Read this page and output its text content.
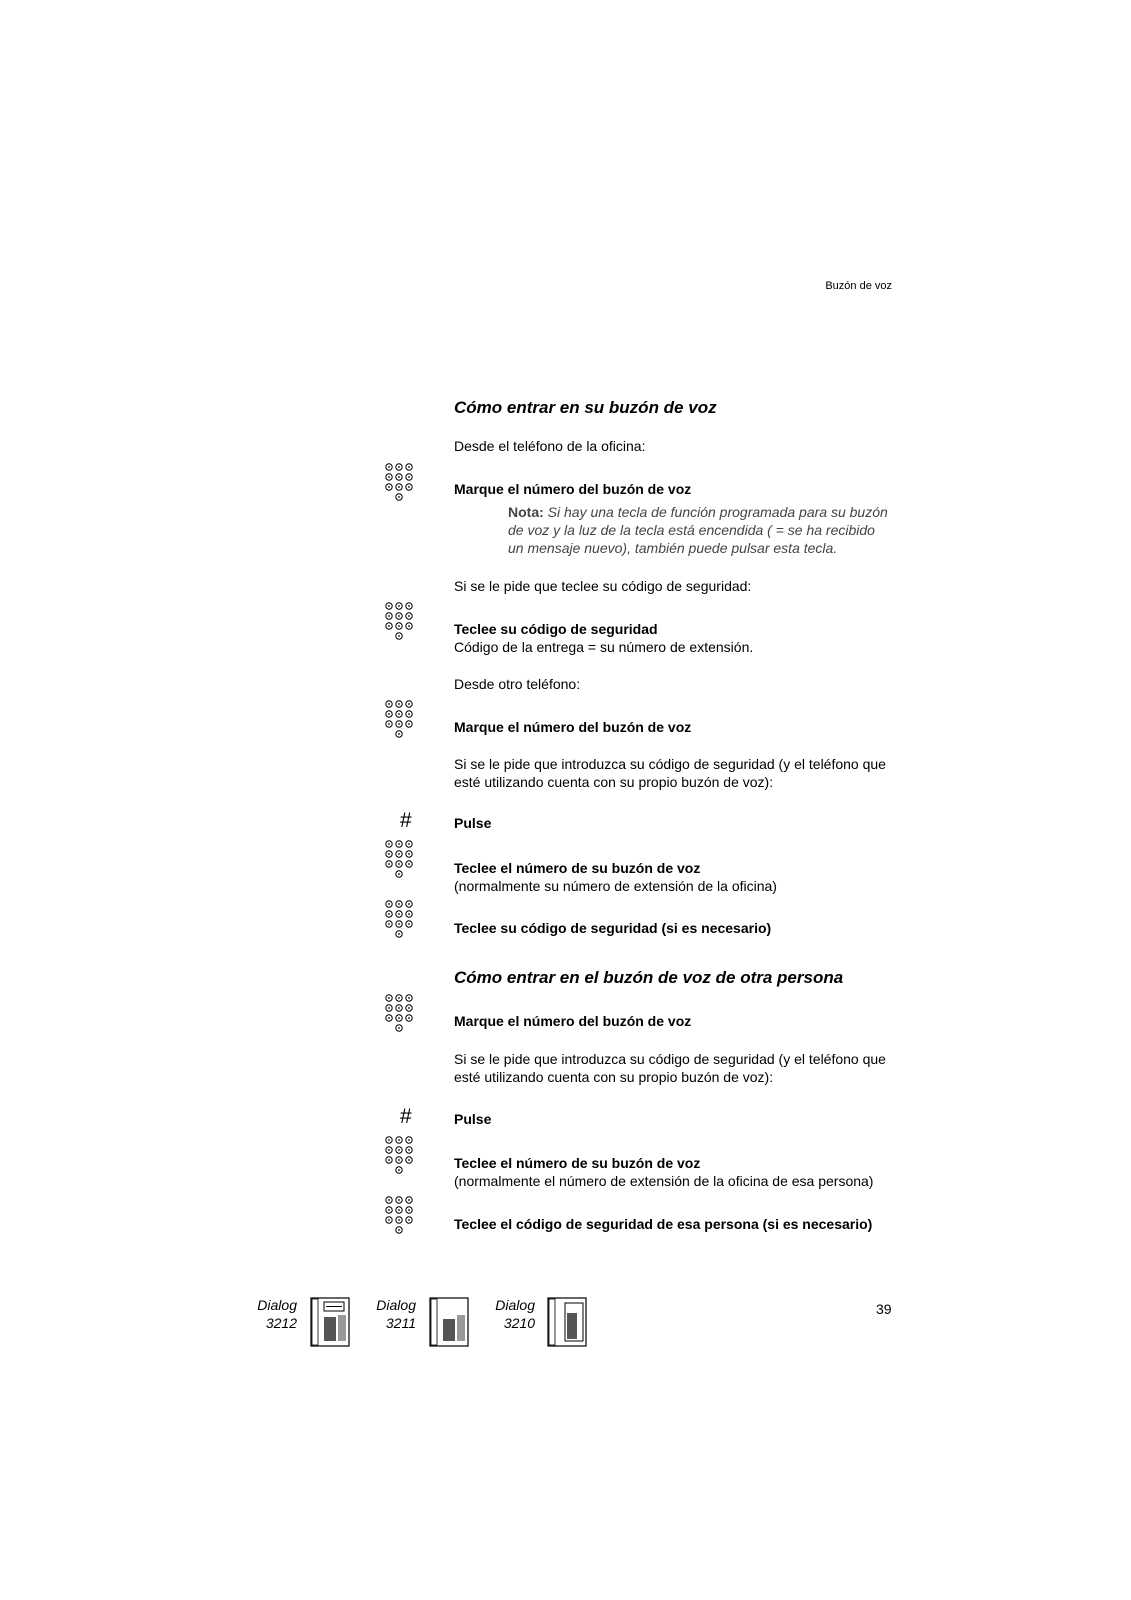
Buzón de voz
Cómo entrar en su buzón de voz
Desde el teléfono de la oficina:
Marque el número del buzón de voz
Nota: Si hay una tecla de función programada para su buzón
de voz y la luz de la tecla está encendida ( = se ha recibido
un mensaje nuevo), también puede pulsar esta tecla.
Si se le pide que teclee su código de seguridad:
Teclee su código de seguridad
Código de la entrega = su número de extensión.
Desde otro teléfono:
Marque el número del buzón de voz
Si se le pide que introduzca su código de seguridad (y el teléfono que
esté utilizando cuenta con su propio buzón de voz):
#	Pulse
Teclee el número de su buzón de voz
(normalmente su número de extensión de la oficina)
Teclee su código de seguridad (si es necesario)
Cómo entrar en el buzón de voz de otra persona
Marque el número del buzón de voz
Si se le pide que introduzca su código de seguridad (y el teléfono que
esté utilizando cuenta con su propio buzón de voz):
#	Pulse
Teclee el número de su buzón de voz
(normalmente el número de extensión de la oficina de esa persona)
Teclee el código de seguridad de esa persona (si es necesario)
Dialog
3212
Dialog
3211
Dialog
3210
39
